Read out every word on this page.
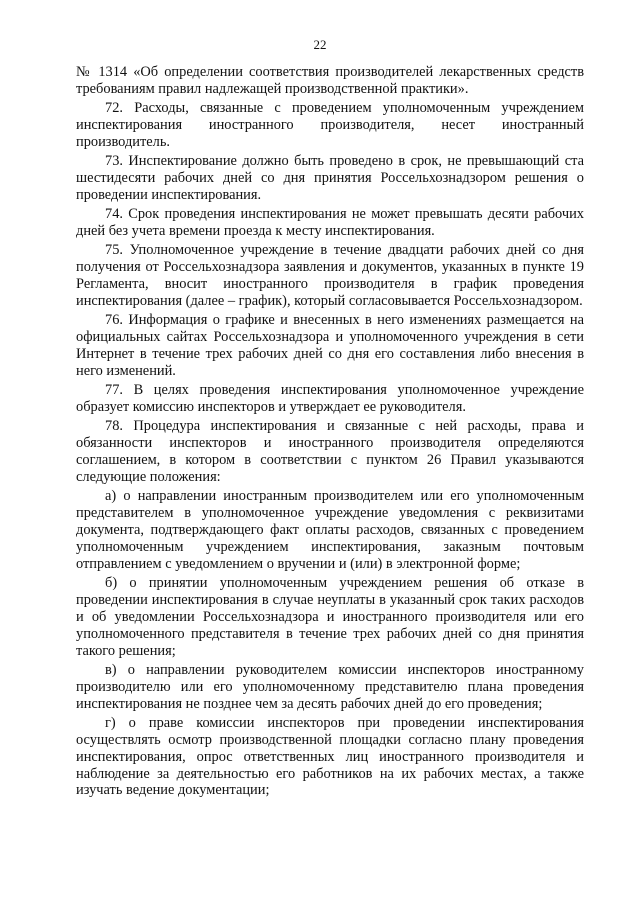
22

№ 1314 «Об определении соответствия производителей лекарственных средств требованиям правил надлежащей производственной практики».

72. Расходы, связанные с проведением уполномоченным учреждением инспектирования иностранного производителя, несет иностранный производитель.

73. Инспектирование должно быть проведено в срок, не превышающий ста шестидесяти рабочих дней со дня принятия Россельхознадзором решения о проведении инспектирования.

74. Срок проведения инспектирования не может превышать десяти рабочих дней без учета времени проезда к месту инспектирования.

75. Уполномоченное учреждение в течение двадцати рабочих дней со дня получения от Россельхознадзора заявления и документов, указанных в пункте 19 Регламента, вносит иностранного производителя в график проведения инспектирования (далее – график), который согласовывается Россельхознадзором.

76. Информация о графике и внесенных в него изменениях размещается на официальных сайтах Россельхознадзора и уполномоченного учреждения в сети Интернет в течение трех рабочих дней со дня его составления либо внесения в него изменений.

77. В целях проведения инспектирования уполномоченное учреждение образует комиссию инспекторов и утверждает ее руководителя.

78. Процедура инспектирования и связанные с ней расходы, права и обязанности инспекторов и иностранного производителя определяются соглашением, в котором в соответствии с пунктом 26 Правил указываются следующие положения:

а) о направлении иностранным производителем или его уполномоченным представителем в уполномоченное учреждение уведомления с реквизитами документа, подтверждающего факт оплаты расходов, связанных с проведением уполномоченным учреждением инспектирования, заказным почтовым отправлением с уведомлением о вручении и (или) в электронной форме;

б) о принятии уполномоченным учреждением решения об отказе в проведении инспектирования в случае неуплаты в указанный срок таких расходов и об уведомлении Россельхознадзора и иностранного производителя или его уполномоченного представителя в течение трех рабочих дней со дня принятия такого решения;

в) о направлении руководителем комиссии инспекторов иностранному производителю или его уполномоченному представителю плана проведения инспектирования не позднее чем за десять рабочих дней до его проведения;

г) о праве комиссии инспекторов при проведении инспектирования осуществлять осмотр производственной площадки согласно плану проведения инспектирования, опрос ответственных лиц иностранного производителя и наблюдение за деятельностью его работников на их рабочих местах, а также изучать ведение документации;
